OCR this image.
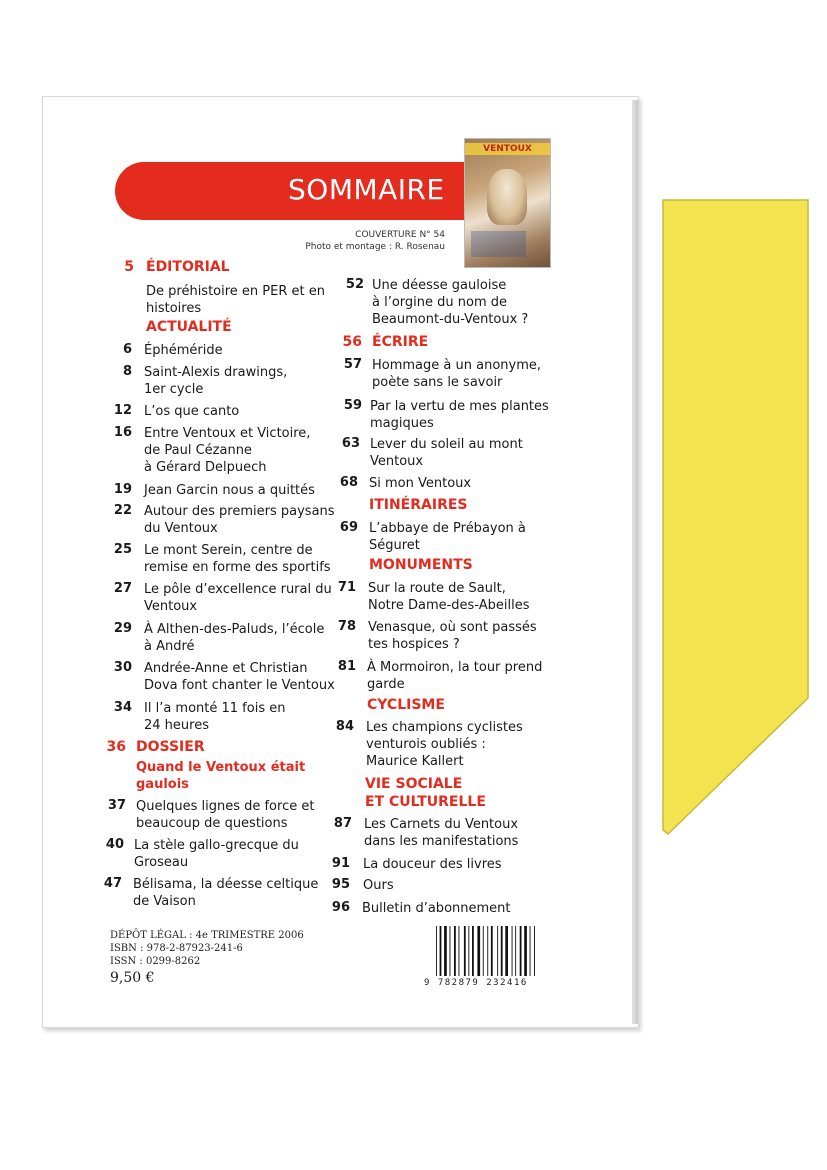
SOMMAIRE
VENTOUX
COUVERTURE N° 54
Photo et montage : R. Rosenau
5 ÉDITORIAL
De préhistoire en PER et en
histoires
ACTUALITÉ
6 Éphéméride
8 Saint-Alexis drawings,
1er cycle
12 L’os que canto
16 Entre Ventoux et Victoire,
de Paul Cézanne
à Gérard Delpuech
19 Jean Garcin nous a quittés
22 Autour des premiers paysans
du Ventoux
25 Le mont Serein, centre de
remise en forme des sportifs
27 Le pôle d’excellence rural du
Ventoux
29 À Althen-des-Paluds, l’école
à André
30 Andrée-Anne et Christian
Dova font chanter le Ventoux
34 Il l’a monté 11 fois en
24 heures
36 DOSSIER
Quand le Ventoux était
gaulois
37 Quelques lignes de force et
beaucoup de questions
40 La stèle gallo-grecque du
Groseau
47 Bélisama, la déesse celtique
de Vaison
52 Une déesse gauloise
à l’orgine du nom de
Beaumont-du-Ventoux ?
56 ÉCRIRE
57 Hommage à un anonyme,
poète sans le savoir
59 Par la vertu de mes plantes
magiques
63 Lever du soleil au mont
Ventoux
68 Si mon Ventoux
ITINÉRAIRES
69 L’abbaye de Prébayon à
Séguret
MONUMENTS
71 Sur la route de Sault,
Notre Dame-des-Abeilles
78 Venasque, où sont passés
tes hospices ?
81 À Mormoiron, la tour prend
garde
CYCLISME
84 Les champions cyclistes
venturois oubliés :
Maurice Kallert
VIE SOCIALE
ET CULTURELLE
87 Les Carnets du Ventoux
dans les manifestations
91 La douceur des livres
95 Ours
96 Bulletin d’abonnement
DÉPÔT LÉGAL : 4e TRIMESTRE 2006
ISBN : 978-2-87923-241-6
ISSN : 0299-8262
9,50 €	9 782879 232416
